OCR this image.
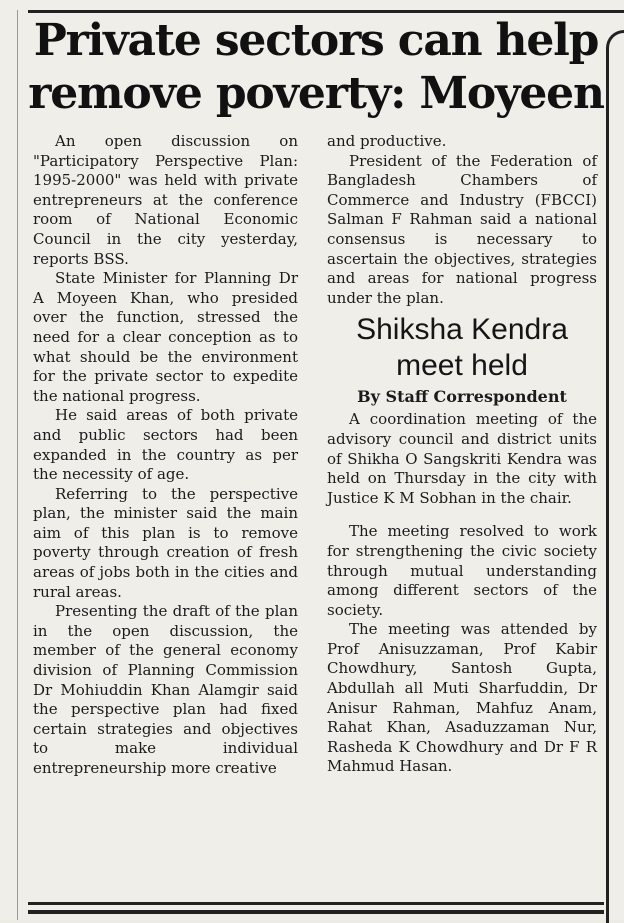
Private sectors can help
remove poverty: Moyeen

An open discussion on "Participatory Perspective Plan: 1995-2000" was held with private entrepreneurs at the conference room of National Economic Council in the city yesterday, reports BSS.

State Minister for Planning Dr A Moyeen Khan, who presided over the function, stressed the need for a clear conception as to what should be the environment for the private sector to expedite the national progress.

He said areas of both private and public sectors had been expanded in the country as per the necessity of age.

Referring to the perspective plan, the minister said the main aim of this plan is to remove poverty through creation of fresh areas of jobs both in the cities and rural areas.

Presenting the draft of the plan in the open discussion, the member of the general economy division of Planning Commission Dr Mohiuddin Khan Alamgir said the perspective plan had fixed certain strategies and objectives to make individual entrepreneurship more creative

and productive.

President of the Federation of Bangladesh Chambers of Commerce and Industry (FBCCI) Salman F Rahman said a national consensus is necessary to ascertain the objectives, strategies and areas for national progress under the plan.

Shiksha Kendra
meet held
By Staff Correspondent

A coordination meeting of the advisory council and district units of Shikha O Sangskriti Kendra was held on Thursday in the city with Justice K M Sobhan in the chair.

The meeting resolved to work for strengthening the civic society through mutual understanding among different sectors of the society.

The meeting was attended by Prof Anisuzzaman, Prof Kabir Chowdhury, Santosh Gupta, Abdullah all Muti Sharfuddin, Dr Anisur Rahman, Mahfuz Anam, Rahat Khan, Asaduzzaman Nur, Rasheda K Chowdhury and Dr F R Mahmud Hasan.
